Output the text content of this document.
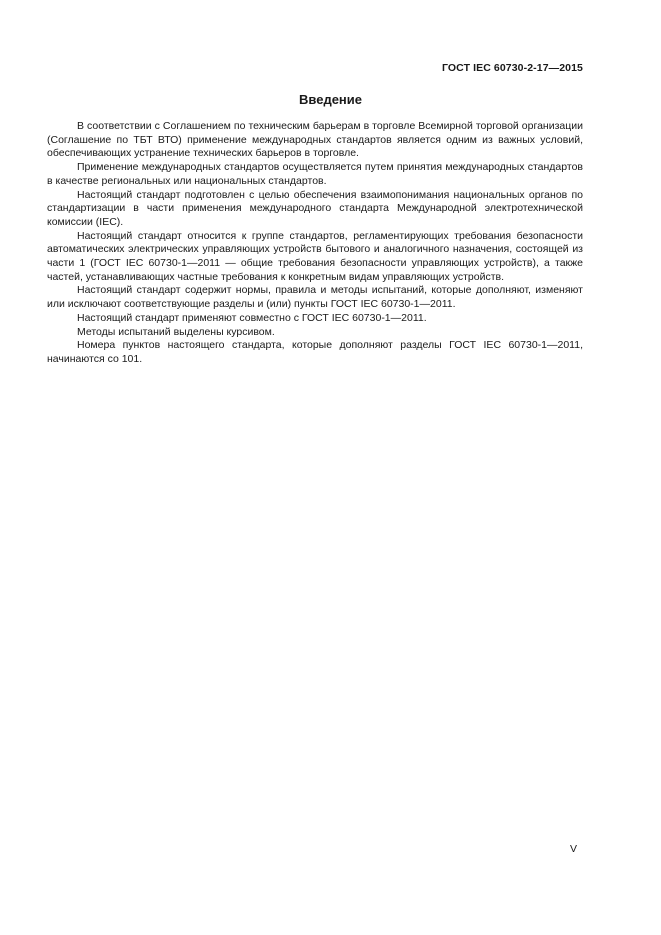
ГОСТ IEC 60730-2-17—2015
Введение

В соответствии с Соглашением по техническим барьерам в торговле Всемирной торговой организации (Соглашение по ТБТ ВТО) применение международных стандартов является одним из важных условий, обеспечивающих устранение технических барьеров в торговле.

Применение международных стандартов осуществляется путем принятия международных стандартов в качестве региональных или национальных стандартов.

Настоящий стандарт подготовлен с целью обеспечения взаимопонимания национальных органов по стандартизации в части применения международного стандарта Международной электротехнической комиссии (IEC).

Настоящий стандарт относится к группе стандартов, регламентирующих требования безопасности автоматических электрических управляющих устройств бытового и аналогичного назначения, состоящей из части 1 (ГОСТ IEC 60730-1—2011 — общие требования безопасности управляющих устройств), а также частей, устанавливающих частные требования к конкретным видам управляющих устройств.

Настоящий стандарт содержит нормы, правила и методы испытаний, которые дополняют, изменяют или исключают соответствующие разделы и (или) пункты ГОСТ IEC 60730-1—2011.

Настоящий стандарт применяют совместно с ГОСТ IEC 60730-1—2011.

Методы испытаний выделены курсивом.

Номера пунктов настоящего стандарта, которые дополняют разделы ГОСТ IEC 60730-1—2011, начинаются со 101.

V
